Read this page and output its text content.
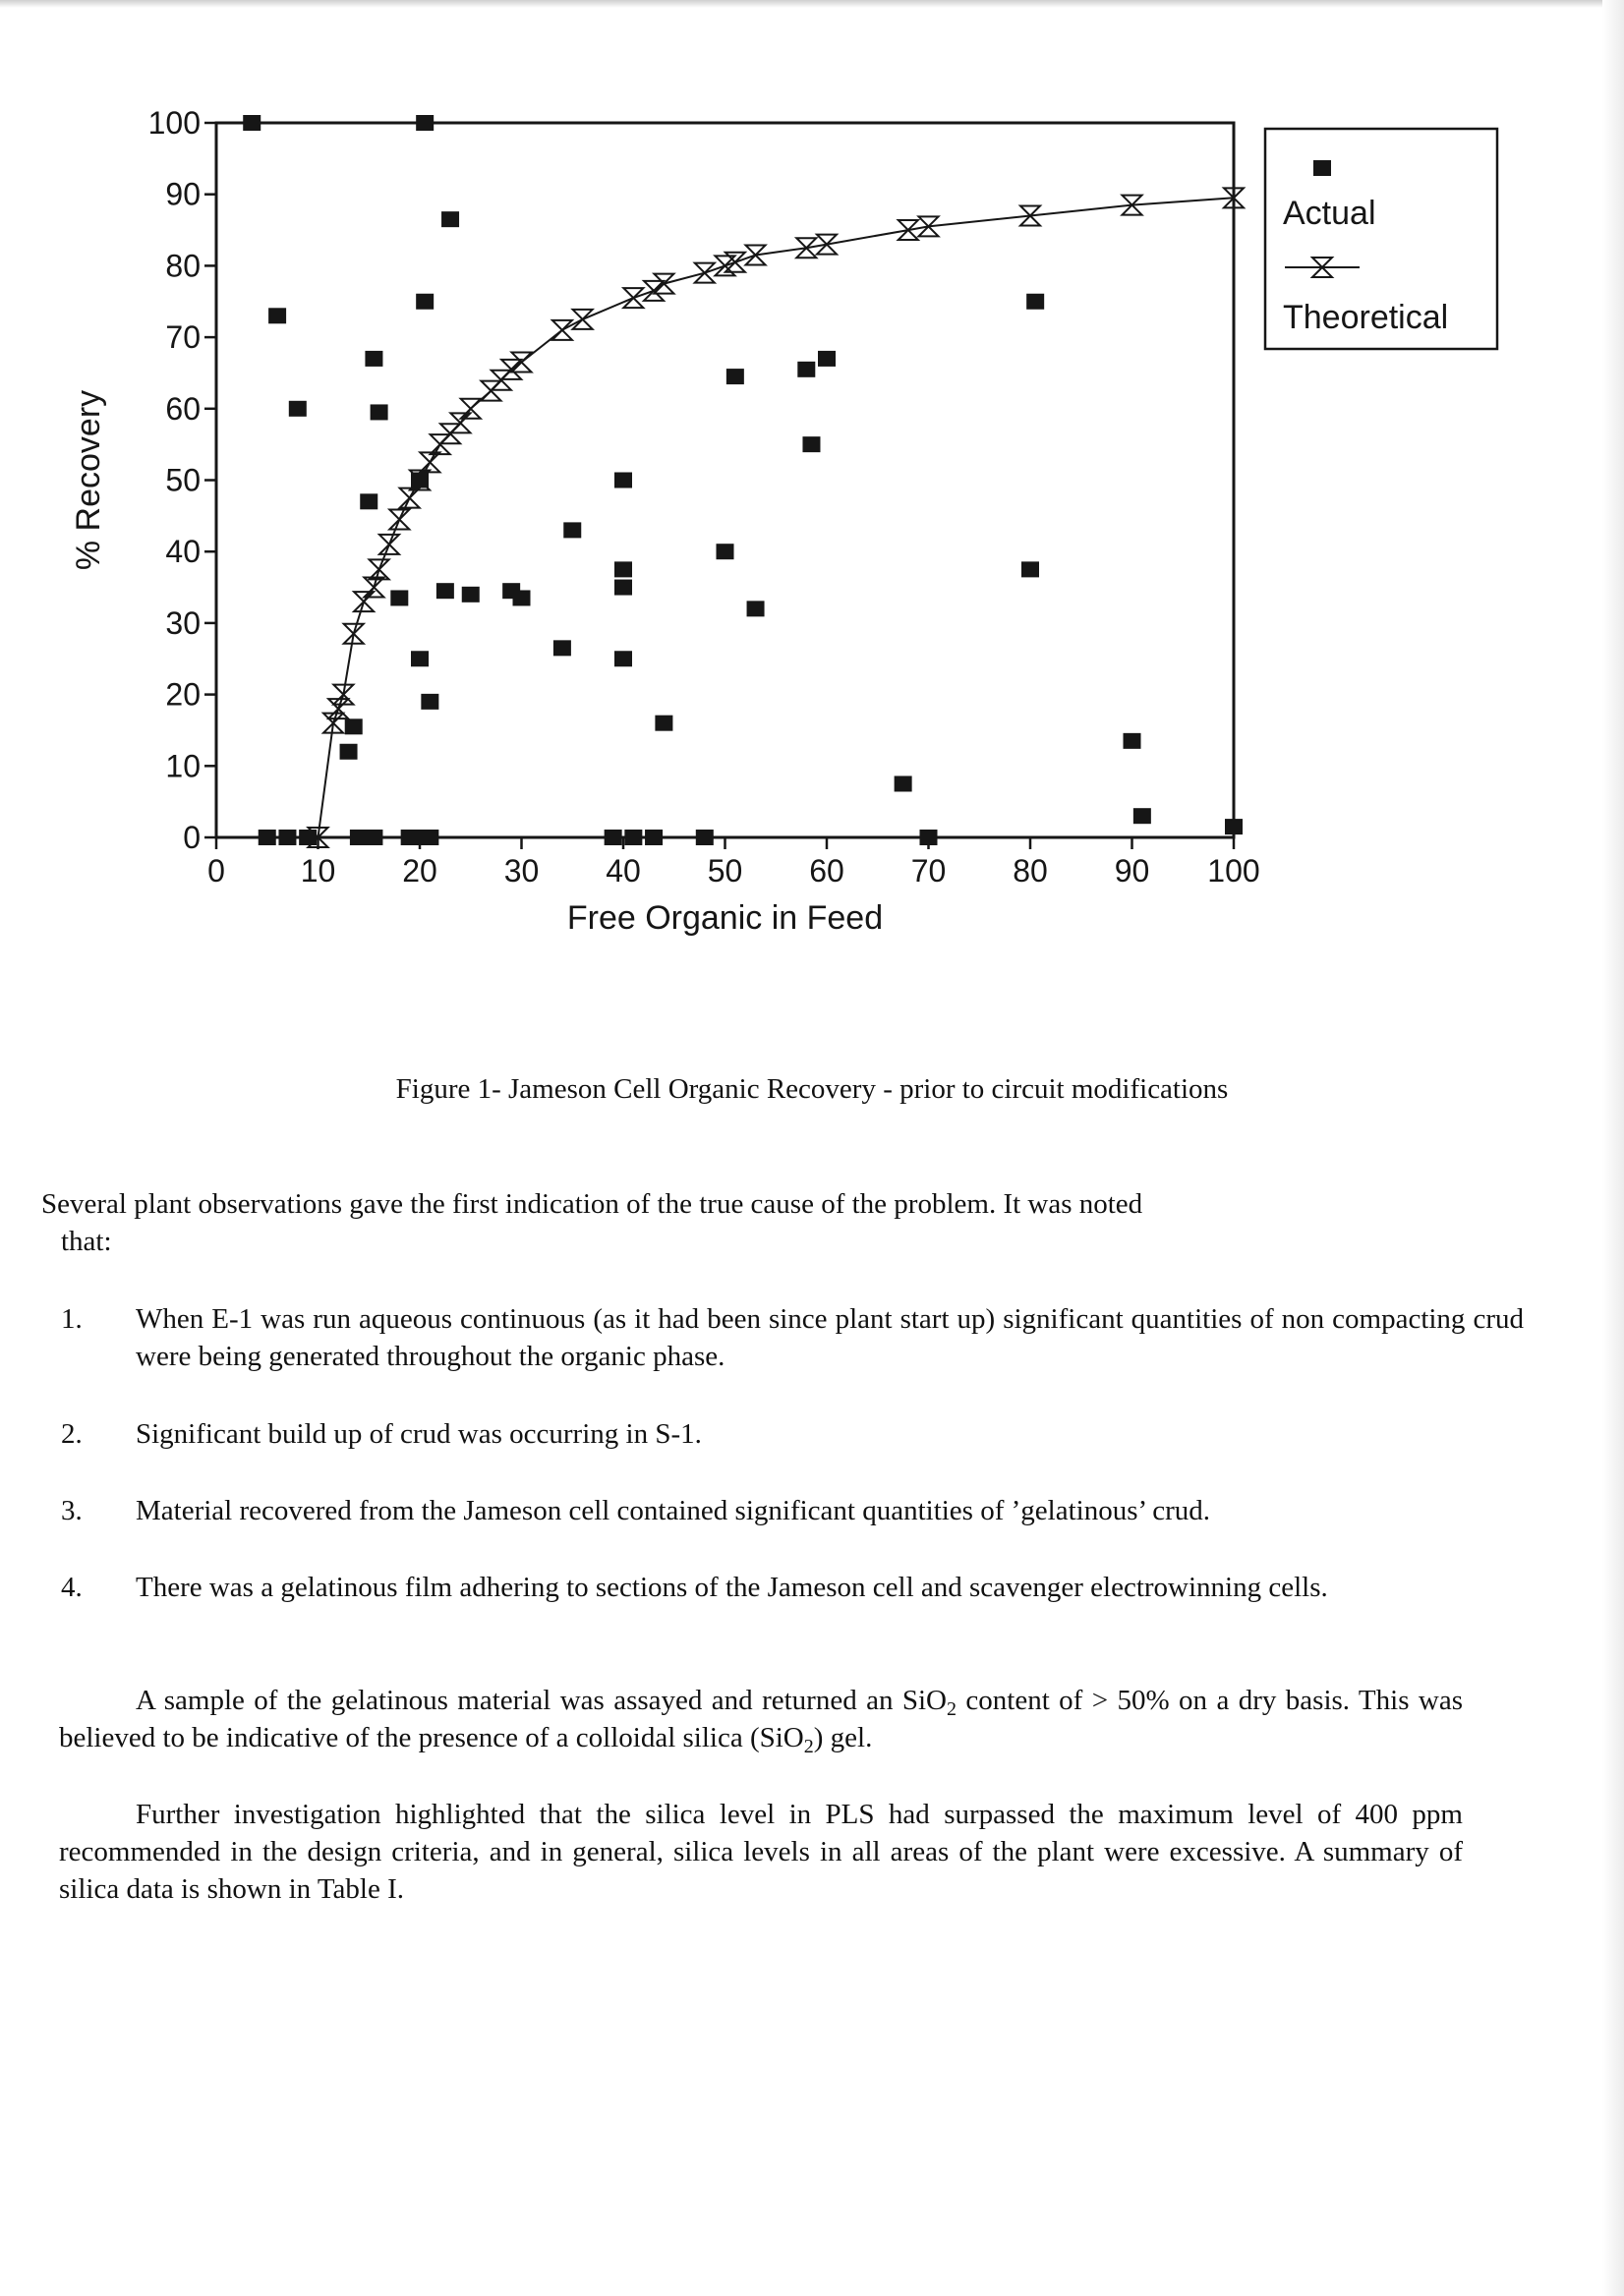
0
10
20
30
40
50
60
70
80
90
100
0 10 20 30 40 50 60 70 80 90 100
Free Organic in Feed
% Recovery
Actual
Theoretical
Figure 1- Jameson Cell Organic Recovery - prior to circuit modifications
Several plant observations gave the first indication of the true cause of the problem. It was noted
that:
1. When E-1 was run aqueous continuous (as it had been since plant start up) significant quantities of non compacting crud were being generated throughout the organic phase.
2. Significant build up of crud was occurring in S-1.
3. Material recovered from the Jameson cell contained significant quantities of ’gelatinous’ crud.
4. There was a gelatinous film adhering to sections of the Jameson cell and scavenger electrowinning cells.
A sample of the gelatinous material was assayed and returned an SiO$_2$ content of > 50% on a dry basis. This was believed to be indicative of the presence of a colloidal silica (SiO$_2$) gel.
Further investigation highlighted that the silica level in PLS had surpassed the maximum level of 400 ppm recommended in the design criteria, and in general, silica levels in all areas of the plant were excessive. A summary of silica data is shown in Table I.
